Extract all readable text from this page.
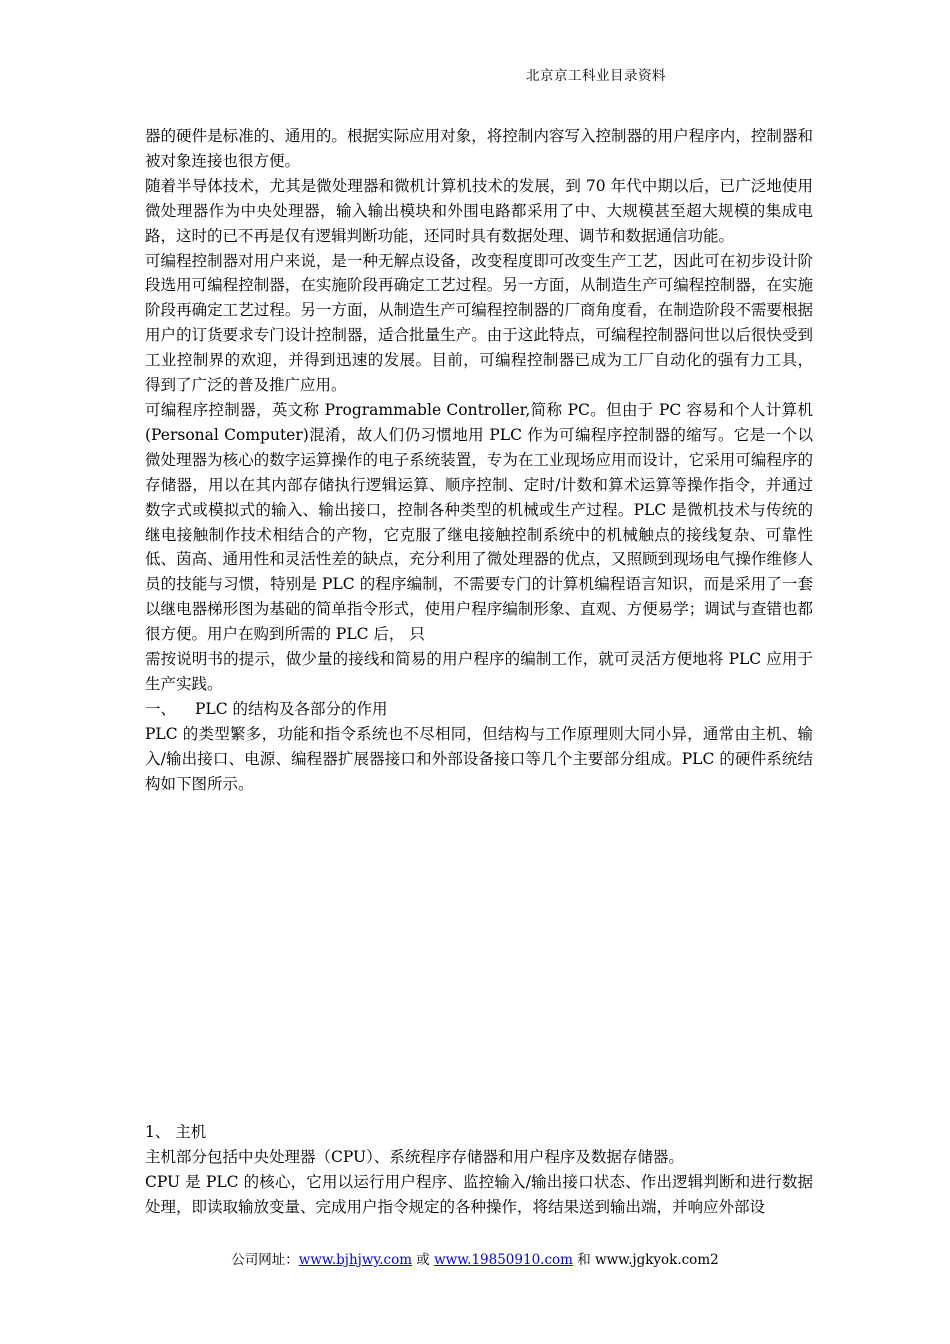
北京京工科业目录资料

器的硬件是标准的、通用的。根据实际应用对象，将控制内容写入控制器的用户程序内，控制器和被对象连接也很方便。

随着半导体技术，尤其是微处理器和微机计算机技术的发展，到 70 年代中期以后，已广泛地使用微处理器作为中央处理器，输入输出模块和外围电路都采用了中、大规模甚至超大规模的集成电路，这时的已不再是仅有逻辑判断功能，还同时具有数据处理、调节和数据通信功能。

可编程控制器对用户来说，是一种无解点设备，改变程度即可改变生产工艺，因此可在初步设计阶段选用可编程控制器，在实施阶段再确定工艺过程。另一方面，从制造生产可编程控制器，在实施阶段再确定工艺过程。另一方面，从制造生产可编程控制器的厂商角度看，在制造阶段不需要根据用户的订货要求专门设计控制器，适合批量生产。由于这此特点，可编程控制器问世以后很快受到工业控制界的欢迎，并得到迅速的发展。目前，可编程控制器已成为工厂自动化的强有力工具， 得到了广泛的普及推广应用。

可编程序控制器，英文称 Programmable Controller,简称 PC。但由于 PC 容易和个人计算机(Personal Computer)混淆，故人们仍习惯地用 PLC 作为可编程序控制器的缩写。它是一个以微处理器为核心的数字运算操作的电子系统装置，专为在工业现场应用而设计，它采用可编程序的存储器，用以在其内部存储执行逻辑运算、顺序控制、定时/计数和算术运算等操作指令，并通过数字式或模拟式的输入、输出接口，控制各种类型的机械或生产过程。PLC 是微机技术与传统的继电接触制作技术相结合的产物，它克服了继电接触控制系统中的机械触点的接线复杂、可靠性低、茵高、通用性和灵活性差的缺点，充分利用了微处理器的优点，又照顾到现场电气操作维修人员的技能与习惯，特别是 PLC 的程序编制，不需要专门的计算机编程语言知识，而是采用了一套以继电器梯形图为基础的简单指令形式，使用户程序编制形象、直观、方便易学；调试与查错也都很方便。用户在购到所需的 PLC 后， 只

需按说明书的提示，做少量的接线和简易的用户程序的编制工作，就可灵活方便地将 PLC 应用于生产实践。

一、 PLC 的结构及各部分的作用

PLC 的类型繁多，功能和指令系统也不尽相同，但结构与工作原理则大同小异，通常由主机、输入/输出接口、电源、编程器扩展器接口和外部设备接口等几个主要部分组成。PLC 的硬件系统结构如下图所示。

1、 主机

主机部分包括中央处理器（CPU）、系统程序存储器和用户程序及数据存储器。

CPU 是 PLC 的核心，它用以运行用户程序、监控输入/输出接口状态、作出逻辑判断和进行数据处理，即读取输放变量、完成用户指令规定的各种操作，将结果送到输出端，并响应外部设

公司网址：www.bjhjwy.com 或 www.19850910.com 和 www.jgkyok.com2
